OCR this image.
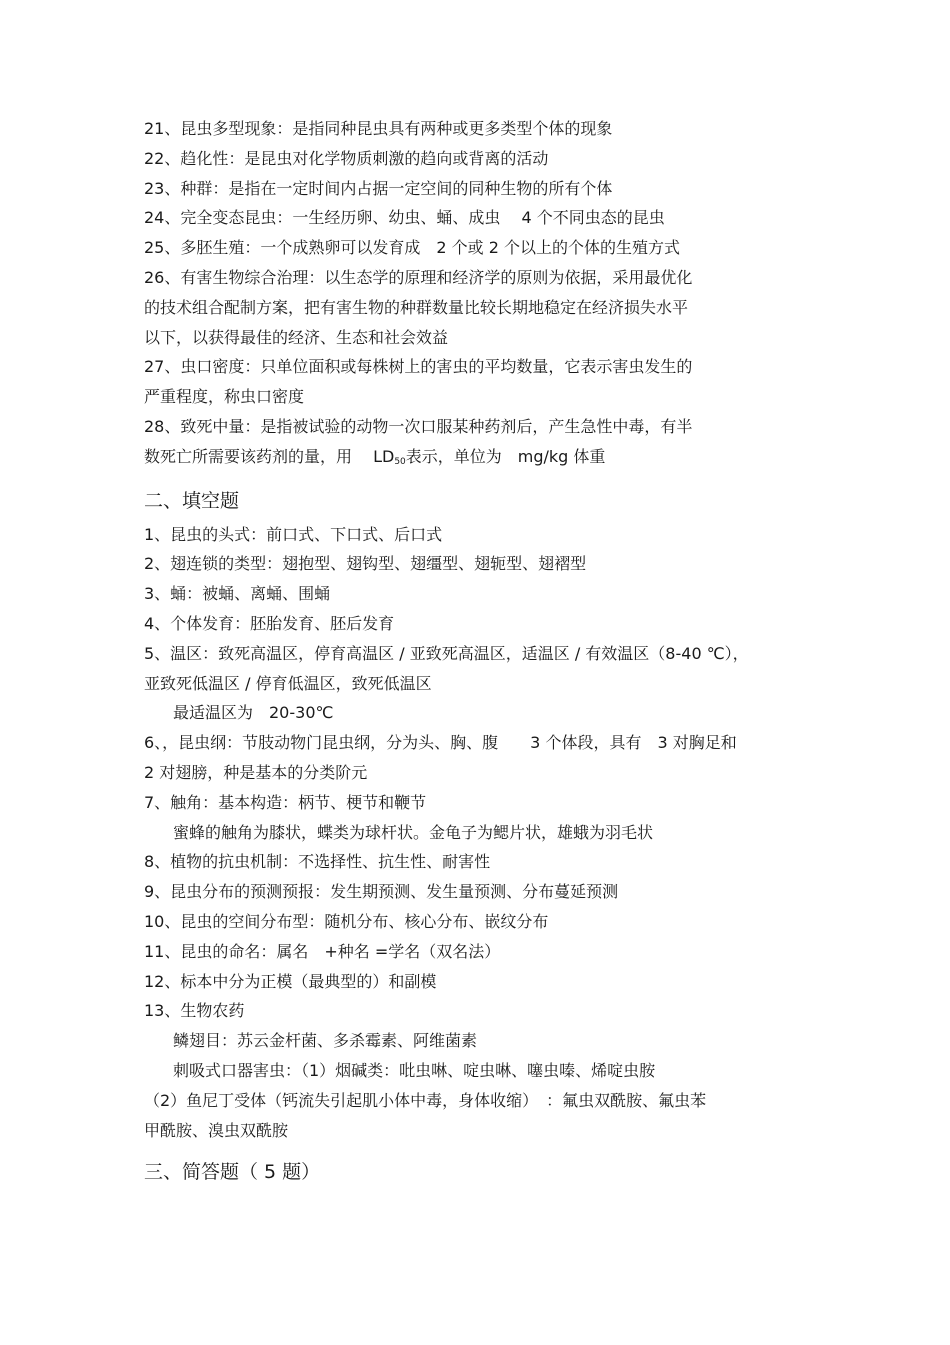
21、昆虫多型现象：是指同种昆虫具有两种或更多类型个体的现象
22、趋化性：是昆虫对化学物质刺激的趋向或背离的活动
23、种群：是指在一定时间内占据一定空间的同种生物的所有个体
24、完全变态昆虫：一生经历卵、幼虫、蛹、成虫　 4 个不同虫态的昆虫
25、多胚生殖：一个成熟卵可以发育成　2 个或 2 个以上的个体的生殖方式
26、有害生物综合治理：以生态学的原理和经济学的原则为依据，采用最优化
的技术组合配制方案，把有害生物的种群数量比较长期地稳定在经济损失水平
以下，以获得最佳的经济、生态和社会效益
27、虫口密度：只单位面积或每株树上的害虫的平均数量，它表示害虫发生的
严重程度，称虫口密度
28、致死中量：是指被试验的动物一次口服某种药剂后，产生急性中毒，有半
数死亡所需要该药剂的量，用　 $LD_{50}$表示，单位为　mg/kg 体重
二、填空题
1、昆虫的头式：前口式、下口式、后口式
2、翅连锁的类型：翅抱型、翅钩型、翅缰型、翅轭型、翅褶型
3、蛹：被蛹、离蛹、围蛹
4、个体发育：胚胎发育、胚后发育
5、温区：致死高温区，停育高温区 / 亚致死高温区，适温区 / 有效温区（8-40 ℃），
亚致死低温区 / 停育低温区，致死低温区
最适温区为　20-30℃
6、，昆虫纲：节肢动物门昆虫纲，分为头、胸、腹　　3 个体段，具有　3 对胸足和
2 对翅膀，种是基本的分类阶元
7、触角：基本构造：柄节、梗节和鞭节
蜜蜂的触角为膝状，蝶类为球杆状。金龟子为鳃片状，雄蛾为羽毛状
8、植物的抗虫机制：不选择性、抗生性、耐害性
9、昆虫分布的预测预报：发生期预测、发生量预测、分布蔓延预测
10、昆虫的空间分布型：随机分布、核心分布、嵌纹分布
11、昆虫的命名：属名　+种名 =学名（双名法）
12、标本中分为正模（最典型的）和副模
13、生物农药
鳞翅目：苏云金杆菌、多杀霉素、阿维菌素
刺吸式口器害虫：（1）烟碱类：吡虫啉、啶虫啉、噻虫嗪、烯啶虫胺
（2）鱼尼丁受体（钙流失引起肌小体中毒，身体收缩）　：氟虫双酰胺、氟虫苯
甲酰胺、溴虫双酰胺
三、简答题（ 5 题）
